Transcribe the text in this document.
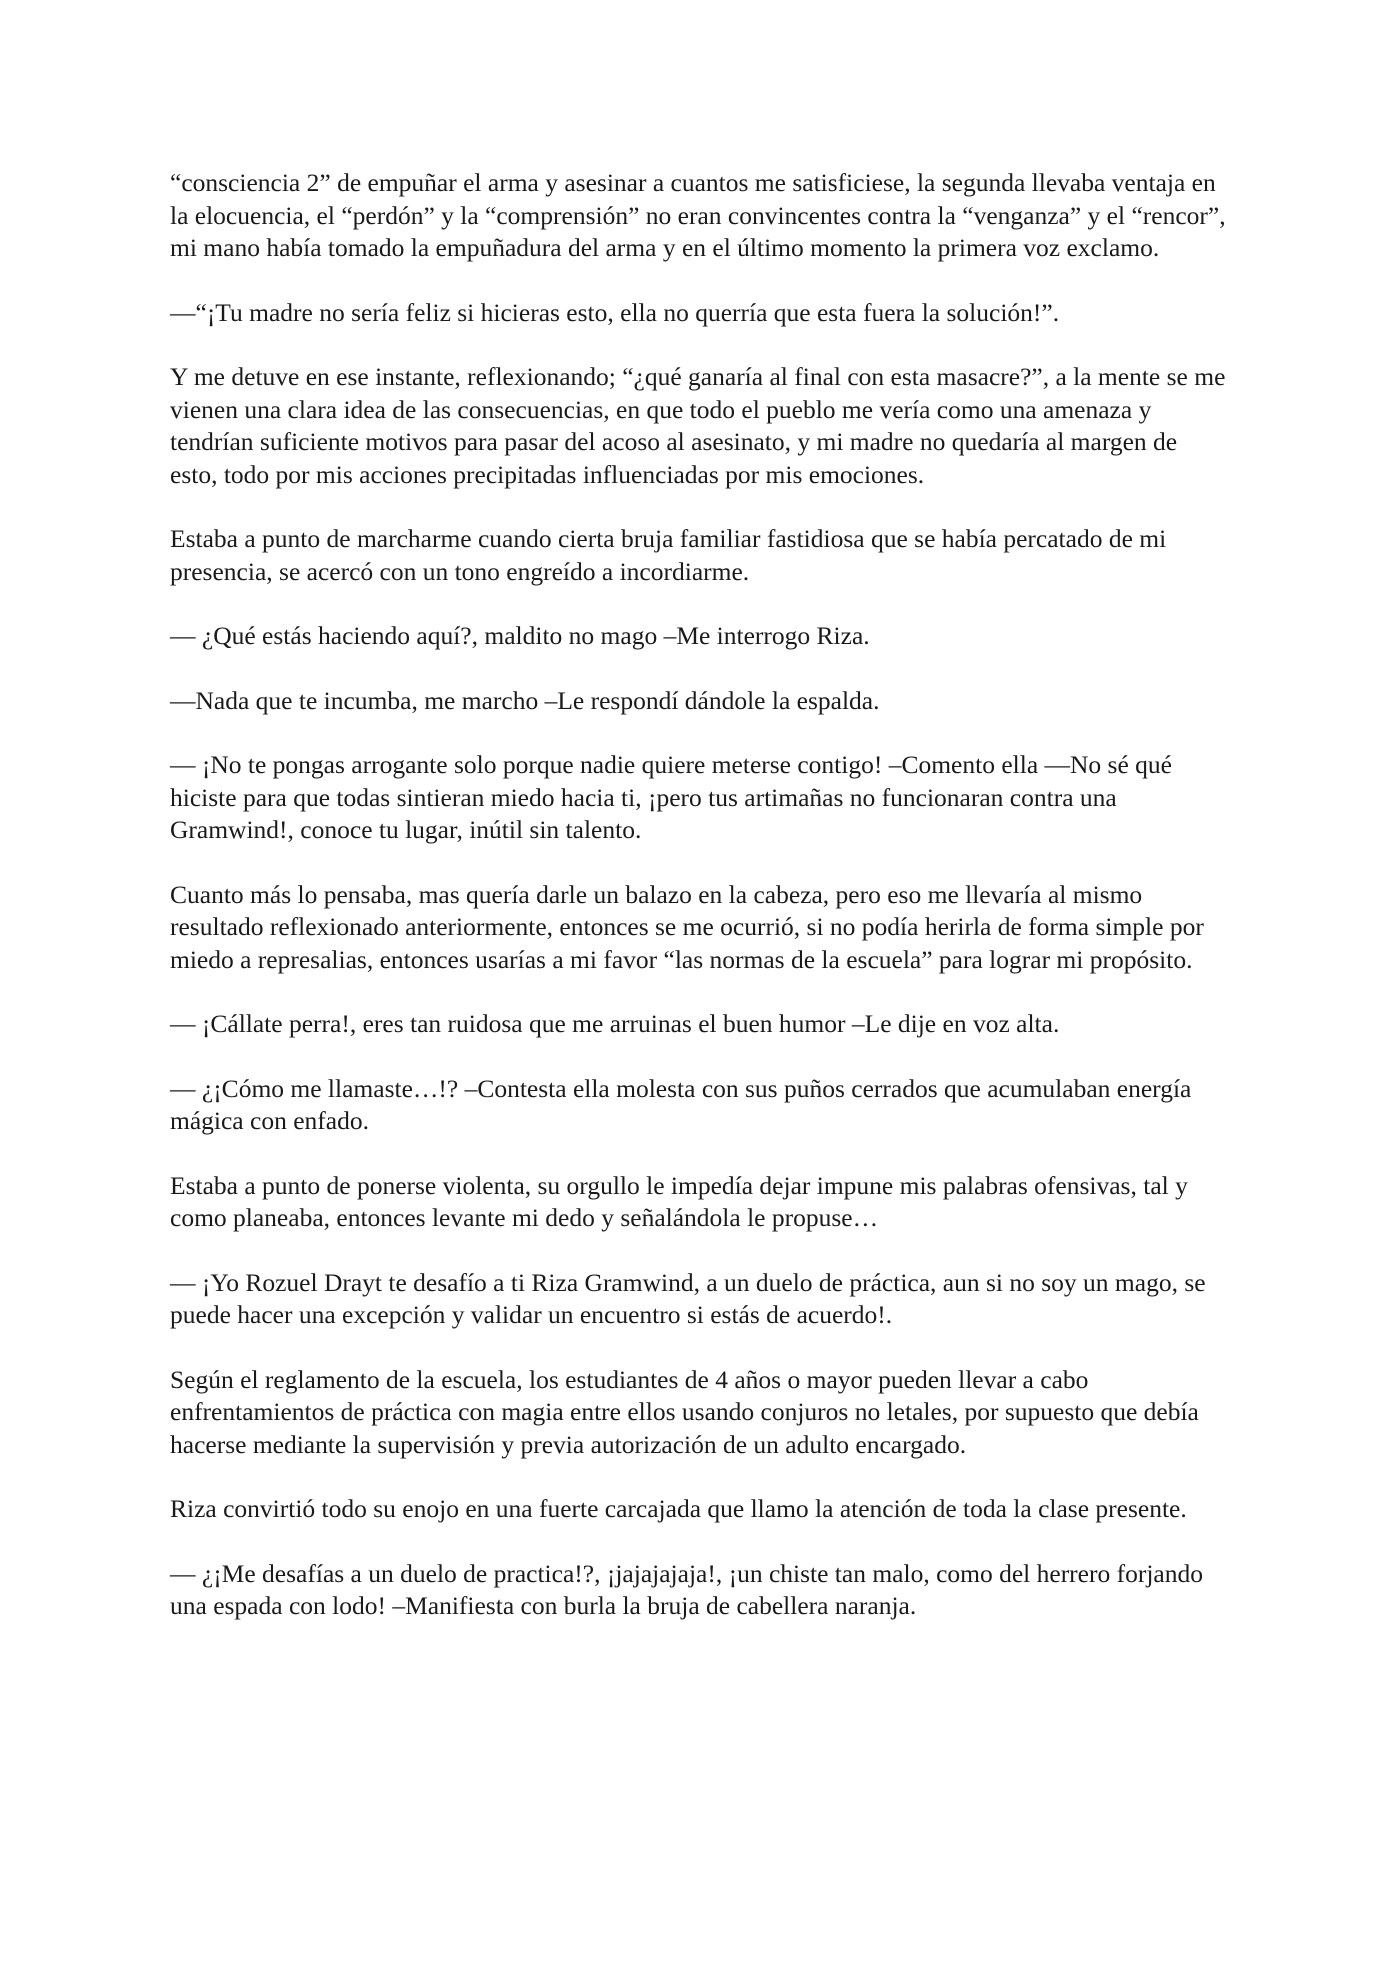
“consciencia 2” de empuñar el arma y asesinar a cuantos me satisficiese, la segunda llevaba ventaja en la elocuencia, el “perdón” y la “comprensión” no eran convincentes contra la “venganza” y el “rencor”, mi mano había tomado la empuñadura del arma y en el último momento la primera voz exclamo.

—“¡Tu madre no sería feliz si hicieras esto, ella no querría que esta fuera la solución!”.

Y me detuve en ese instante, reflexionando; “¿qué ganaría al final con esta masacre?”, a la mente se me vienen una clara idea de las consecuencias, en que todo el pueblo me vería como una amenaza y tendrían suficiente motivos para pasar del acoso al asesinato, y mi madre no quedaría al margen de esto, todo por mis acciones precipitadas influenciadas por mis emociones.

Estaba a punto de marcharme cuando cierta bruja familiar fastidiosa que se había percatado de mi presencia, se acercó con un tono engreído a incordiarme.

— ¿Qué estás haciendo aquí?, maldito no mago –Me interrogo Riza.

—Nada que te incumba, me marcho –Le respondí dándole la espalda.

— ¡No te pongas arrogante solo porque nadie quiere meterse contigo! –Comento ella —No sé qué hiciste para que todas sintieran miedo hacia ti, ¡pero tus artimañas no funcionaran contra una Gramwind!, conoce tu lugar, inútil sin talento.

Cuanto más lo pensaba, mas quería darle un balazo en la cabeza, pero eso me llevaría al mismo resultado reflexionado anteriormente, entonces se me ocurrió, si no podía herirla de forma simple por miedo a represalias, entonces usarías a mi favor “las normas de la escuela” para lograr mi propósito.

— ¡Cállate perra!, eres tan ruidosa que me arruinas el buen humor –Le dije en voz alta.

— ¿¡Cómo me llamaste…!? –Contesta ella molesta con sus puños cerrados que acumulaban energía mágica con enfado.

Estaba a punto de ponerse violenta, su orgullo le impedía dejar impune mis palabras ofensivas, tal y como planeaba, entonces levante mi dedo y señalándola le propuse…

— ¡Yo Rozuel Drayt te desafío a ti Riza Gramwind, a un duelo de práctica, aun si no soy un mago, se puede hacer una excepción y validar un encuentro si estás de acuerdo!.

Según el reglamento de la escuela, los estudiantes de 4 años o mayor pueden llevar a cabo enfrentamientos de práctica con magia entre ellos usando conjuros no letales, por supuesto que debía hacerse mediante la supervisión y previa autorización de un adulto encargado.

Riza convirtió todo su enojo en una fuerte carcajada que llamo la atención de toda la clase presente.

— ¿¡Me desafías a un duelo de practica!?, ¡jajajajaja!, ¡un chiste tan malo, como del herrero forjando una espada con lodo! –Manifiesta con burla la bruja de cabellera naranja.
